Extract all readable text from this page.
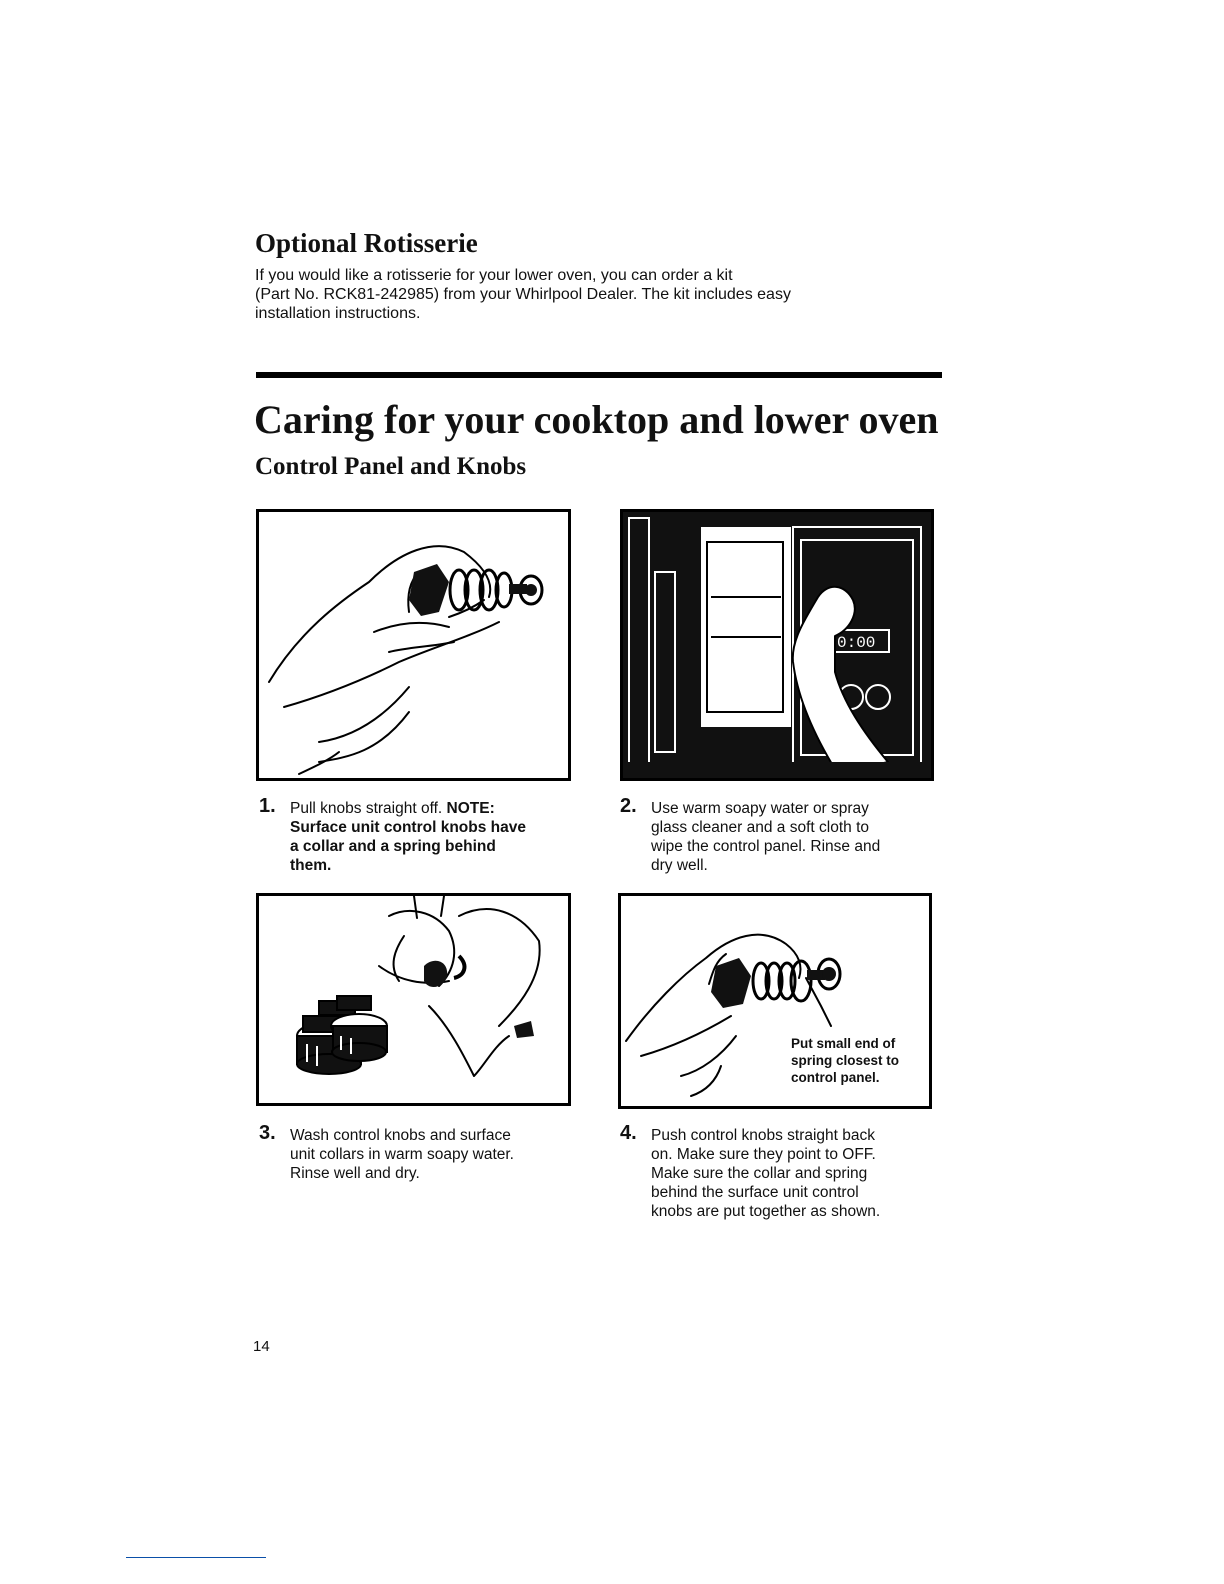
Optional Rotisserie

If you would like a rotisserie for your lower oven, you can order a kit
(Part No. RCK81-242985) from your Whirlpool Dealer. The kit includes easy
installation instructions.

Caring for your cooktop and lower oven
Control Panel and Knobs
0:00
1. Pull knobs straight off. NOTE:
Surface unit control knobs have
a collar and a spring behind
them.
2. Use warm soapy water or spray
glass cleaner and a soft cloth to
wipe the control panel. Rinse and
dry well.
Put small end of
spring closest to
control panel.
3. Wash control knobs and surface
unit collars in warm soapy water.
Rinse well and dry.
4. Push control knobs straight back
on. Make sure they point to OFF.
Make sure the collar and spring
behind the surface unit control
knobs are put together as shown.
14
